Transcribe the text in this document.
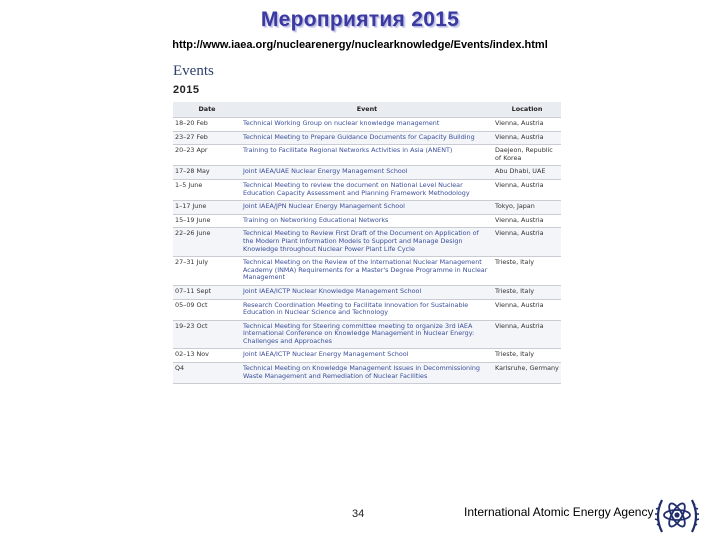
Мероприятия 2015
http://www.iaea.org/nuclearenergy/nuclearknowledge/Events/index.html
Events
2015
Date	Event	Location
18–20 Feb	Technical Working Group on nuclear knowledge management	Vienna, Austria
23–27 Feb	Technical Meeting to Prepare Guidance Documents for Capacity Building	Vienna, Austria
20–23 Apr	Training to Facilitate Regional Networks Activities in Asia (ANENT)	Daejeon, Republic of Korea
17–28 May	Joint IAEA/UAE Nuclear Energy Management School	Abu Dhabi, UAE
1–5 June	Technical Meeting to review the document on National Level Nuclear Education Capacity Assessment and Planning Framework Methodology	Vienna, Austria
1–17 June	Joint IAEA/JPN Nuclear Energy Management School	Tokyo, Japan
15–19 June	Training on Networking Educational Networks	Vienna, Austria
22–26 June	Technical Meeting to Review First Draft of the Document on Application of the Modern Plant Information Models to Support and Manage Design Knowledge throughout Nuclear Power Plant Life Cycle	Vienna, Austria
27–31 July	Technical Meeting on the Review of the International Nuclear Management Academy (INMA) Requirements for a Master's Degree Programme in Nuclear Management	Trieste, Italy
07–11 Sept	Joint IAEA/ICTP Nuclear Knowledge Management School	Trieste, Italy
05–09 Oct	Research Coordination Meeting to Facilitate Innovation for Sustainable Education in Nuclear Science and Technology	Vienna, Austria
19–23 Oct	Technical Meeting for Steering committee meeting to organize 3rd IAEA International Conference on Knowledge Management in Nuclear Energy: Challenges and Approaches	Vienna, Austria
02–13 Nov	Joint IAEA/ICTP Nuclear Energy Management School	Trieste, Italy
Q4	Technical Meeting on Knowledge Management Issues in Decommissioning Waste Management and Remediation of Nuclear Facilities	Karlsruhe, Germany
34	International Atomic Energy Agency
